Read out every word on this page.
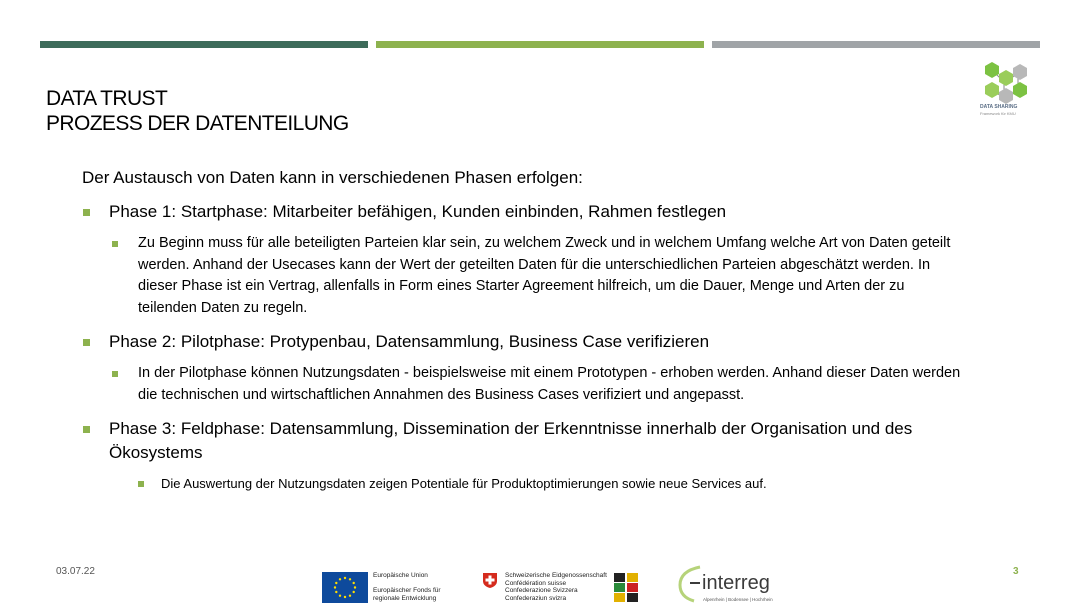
DATA TRUST
PROZESS DER DATENTEILUNG
DATA SHARING
Framework für KMU

Der Austausch von Daten kann in verschiedenen Phasen erfolgen:

Phase 1: Startphase: Mitarbeiter befähigen, Kunden einbinden, Rahmen festlegen
Zu Beginn muss für alle beteiligten Parteien klar sein, zu welchem Zweck und in welchem Umfang welche Art von Daten geteilt werden. Anhand der Usecases kann der Wert der geteilten Daten für die unterschiedlichen Parteien abgeschätzt werden. In dieser Phase ist ein Vertrag, allenfalls in Form eines Starter Agreement hilfreich, um die Dauer, Menge und Arten der zu teilenden Daten zu regeln.
Phase 2: Pilotphase: Protypenbau, Datensammlung, Business Case verifizieren
In der Pilotphase können Nutzungsdaten - beispielsweise mit einem Prototypen - erhoben werden. Anhand dieser Daten werden die technischen und wirtschaftlichen Annahmen des Business Cases verifiziert und angepasst.
Phase 3: Feldphase: Datensammlung, Dissemination der Erkenntnisse innerhalb der Organisation und des Ökosystems
Die Auswertung der Nutzungsdaten zeigen Potentiale für Produktoptimierungen sowie neue Services auf.
03.07.22	3
Europäische Union
Europäischer Fonds für
regionale Entwicklung
Schweizerische Eidgenossenschaft
Confédération suisse
Confederazione Svizzera
Confederaziun svizra
interreg
Alpenrhein | Bodensee | Hochrhein
